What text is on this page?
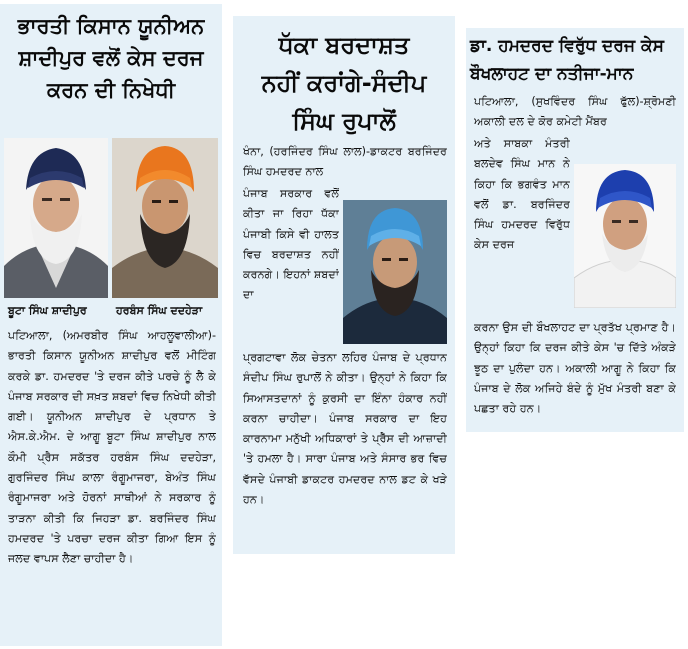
ਭਾਰਤੀ ਕਿਸਾਨ ਯੂਨੀਅਨ
ਸ਼ਾਦੀਪੁਰ ਵਲੋਂ ਕੇਸ ਦਰਜ
ਕਰਨ ਦੀ ਨਿਖੇਧੀ
ਬੂਟਾ ਸਿੰਘ ਸ਼ਾਦੀਪੁਰ	ਹਰਬੰਸ ਸਿੰਘ ਦਦਹੇੜਾ

ਪਟਿਆਲਾ, (ਅਮਰਬੀਰ ਸਿੰਘ ਆਹਲੂਵਾਲੀਆ)-ਭਾਰਤੀ ਕਿਸਾਨ ਯੂਨੀਅਨ ਸ਼ਾਦੀਪੁਰ ਵਲੋਂ ਮੀਟਿੰਗ ਕਰਕੇ ਡਾ. ਹਮਦਰਦ 'ਤੇ ਦਰਜ ਕੀਤੇ ਪਰਚੇ ਨੂੰ ਲੈ ਕੇ ਪੰਜਾਬ ਸਰਕਾਰ ਦੀ ਸਖ਼ਤ ਸ਼ਬਦਾਂ ਵਿਚ ਨਿਖੇਧੀ ਕੀਤੀ ਗਈ। ਯੂਨੀਅਨ ਸ਼ਾਦੀਪੁਰ ਦੇ ਪ੍ਰਧਾਨ ਤੇ ਐਸ.ਕੇ.ਐਮ. ਦੇ ਆਗੂ ਬੂਟਾ ਸਿੰਘ ਸ਼ਾਦੀਪੁਰ ਨਾਲ ਕੌਮੀ ਪ੍ਰੈਸ ਸਕੱਤਰ ਹਰਬੰਸ ਸਿੰਘ ਦਦਹੇੜਾ, ਗੁਰਜਿੰਦਰ ਸਿੰਘ ਕਾਲਾ ਰੰਗੂਮਾਜਰਾ, ਬੇਅੰਤ ਸਿੰਘ ਰੰਗੂਮਾਜਰਾ ਅਤੇ ਹੋਰਨਾਂ ਸਾਥੀਆਂ ਨੇ ਸਰਕਾਰ ਨੂੰ ਤਾੜਨਾ ਕੀਤੀ ਕਿ ਜਿਹੜਾ ਡਾ. ਬਰਜਿੰਦਰ ਸਿੰਘ ਹਮਦਰਦ 'ਤੇ ਪਰਚਾ ਦਰਜ ਕੀਤਾ ਗਿਆ ਇਸ ਨੂੰ ਜਲਦ ਵਾਪਸ ਲੈਣਾ ਚਾਹੀਦਾ ਹੈ।

ਧੱਕਾ ਬਰਦਾਸ਼ਤ
ਨਹੀਂ ਕਰਾਂਗੇ-ਸੰਦੀਪ
ਸਿੰਘ ਰੁਪਾਲੋਂ

ਖੰਨਾ, (ਹਰਜਿੰਦਰ ਸਿੰਘ ਲਾਲ)-ਡਾਕਟਰ ਬਰਜਿੰਦਰ ਸਿੰਘ ਹਮਦਰਦ ਨਾਲ

ਪੰਜਾਬ ਸਰਕਾਰ ਵਲੋਂ ਕੀਤਾ ਜਾ ਰਿਹਾ ਧੱਕਾ ਪੰਜਾਬੀ ਕਿਸੇ ਵੀ ਹਾਲਤ ਵਿਚ ਬਰਦਾਸ਼ਤ ਨਹੀਂ ਕਰਨਗੇ। ਇਹਨਾਂ ਸ਼ਬਦਾਂ ਦਾ

ਪ੍ਰਗਟਾਵਾ ਲੋਕ ਚੇਤਨਾ ਲਹਿਰ ਪੰਜਾਬ ਦੇ ਪ੍ਰਧਾਨ ਸੰਦੀਪ ਸਿੰਘ ਰੁਪਾਲੋਂ ਨੇ ਕੀਤਾ। ਉਨ੍ਹਾਂ ਨੇ ਕਿਹਾ ਕਿ ਸਿਆਸਤਦਾਨਾਂ ਨੂੰ ਕੁਰਸੀ ਦਾ ਇੰਨਾ ਹੰਕਾਰ ਨਹੀਂ ਕਰਨਾ ਚਾਹੀਦਾ। ਪੰਜਾਬ ਸਰਕਾਰ ਦਾ ਇਹ ਕਾਰਨਾਮਾ ਮਨੁੱਖੀ ਅਧਿਕਾਰਾਂ ਤੇ ਪ੍ਰੈੱਸ ਦੀ ਆਜ਼ਾਦੀ 'ਤੇ ਹਮਲਾ ਹੈ। ਸਾਰਾ ਪੰਜਾਬ ਅਤੇ ਸੰਸਾਰ ਭਰ ਵਿਚ ਵੱਸਦੇ ਪੰਜਾਬੀ ਡਾਕਟਰ ਹਮਦਰਦ ਨਾਲ ਡਟ ਕੇ ਖੜੇ ਹਨ।

ਡਾ. ਹਮਦਰਦ ਵਿਰੁੱਧ ਦਰਜ ਕੇਸ
ਬੌਖਲਾਹਟ ਦਾ ਨਤੀਜਾ-ਮਾਨ

ਪਟਿਆਲਾ, (ਸੁਖਵਿੰਦਰ ਸਿੰਘ ਫੁੱਲ)-ਸ਼੍ਰੋਮਣੀ ਅਕਾਲੀ ਦਲ ਦੇ ਕੋਰ ਕਮੇਟੀ ਮੈਂਬਰ

ਅਤੇ ਸਾਬਕਾ ਮੰਤਰੀ ਬਲਦੇਵ ਸਿੰਘ ਮਾਨ ਨੇ ਕਿਹਾ ਕਿ ਭਗਵੰਤ ਮਾਨ ਵਲੋਂ ਡਾ. ਬਰਜਿੰਦਰ ਸਿੰਘ ਹਮਦਰਦ ਵਿਰੁੱਧ ਕੇਸ ਦਰਜ

ਕਰਨਾ ਉਸ ਦੀ ਬੌਖਲਾਹਟ ਦਾ ਪ੍ਰਤੱਖ ਪ੍ਰਮਾਣ ਹੈ। ਉਨ੍ਹਾਂ ਕਿਹਾ ਕਿ ਦਰਜ ਕੀਤੇ ਕੇਸ 'ਚ ਦਿੱਤੇ ਅੰਕੜੇ ਝੂਠ ਦਾ ਪੁਲੰਦਾ ਹਨ। ਅਕਾਲੀ ਆਗੂ ਨੇ ਕਿਹਾ ਕਿ ਪੰਜਾਬ ਦੇ ਲੋਕ ਅਜਿਹੇ ਬੰਦੇ ਨੂੰ ਮੁੱਖ ਮੰਤਰੀ ਬਣਾ ਕੇ ਪਛਤਾ ਰਹੇ ਹਨ।
